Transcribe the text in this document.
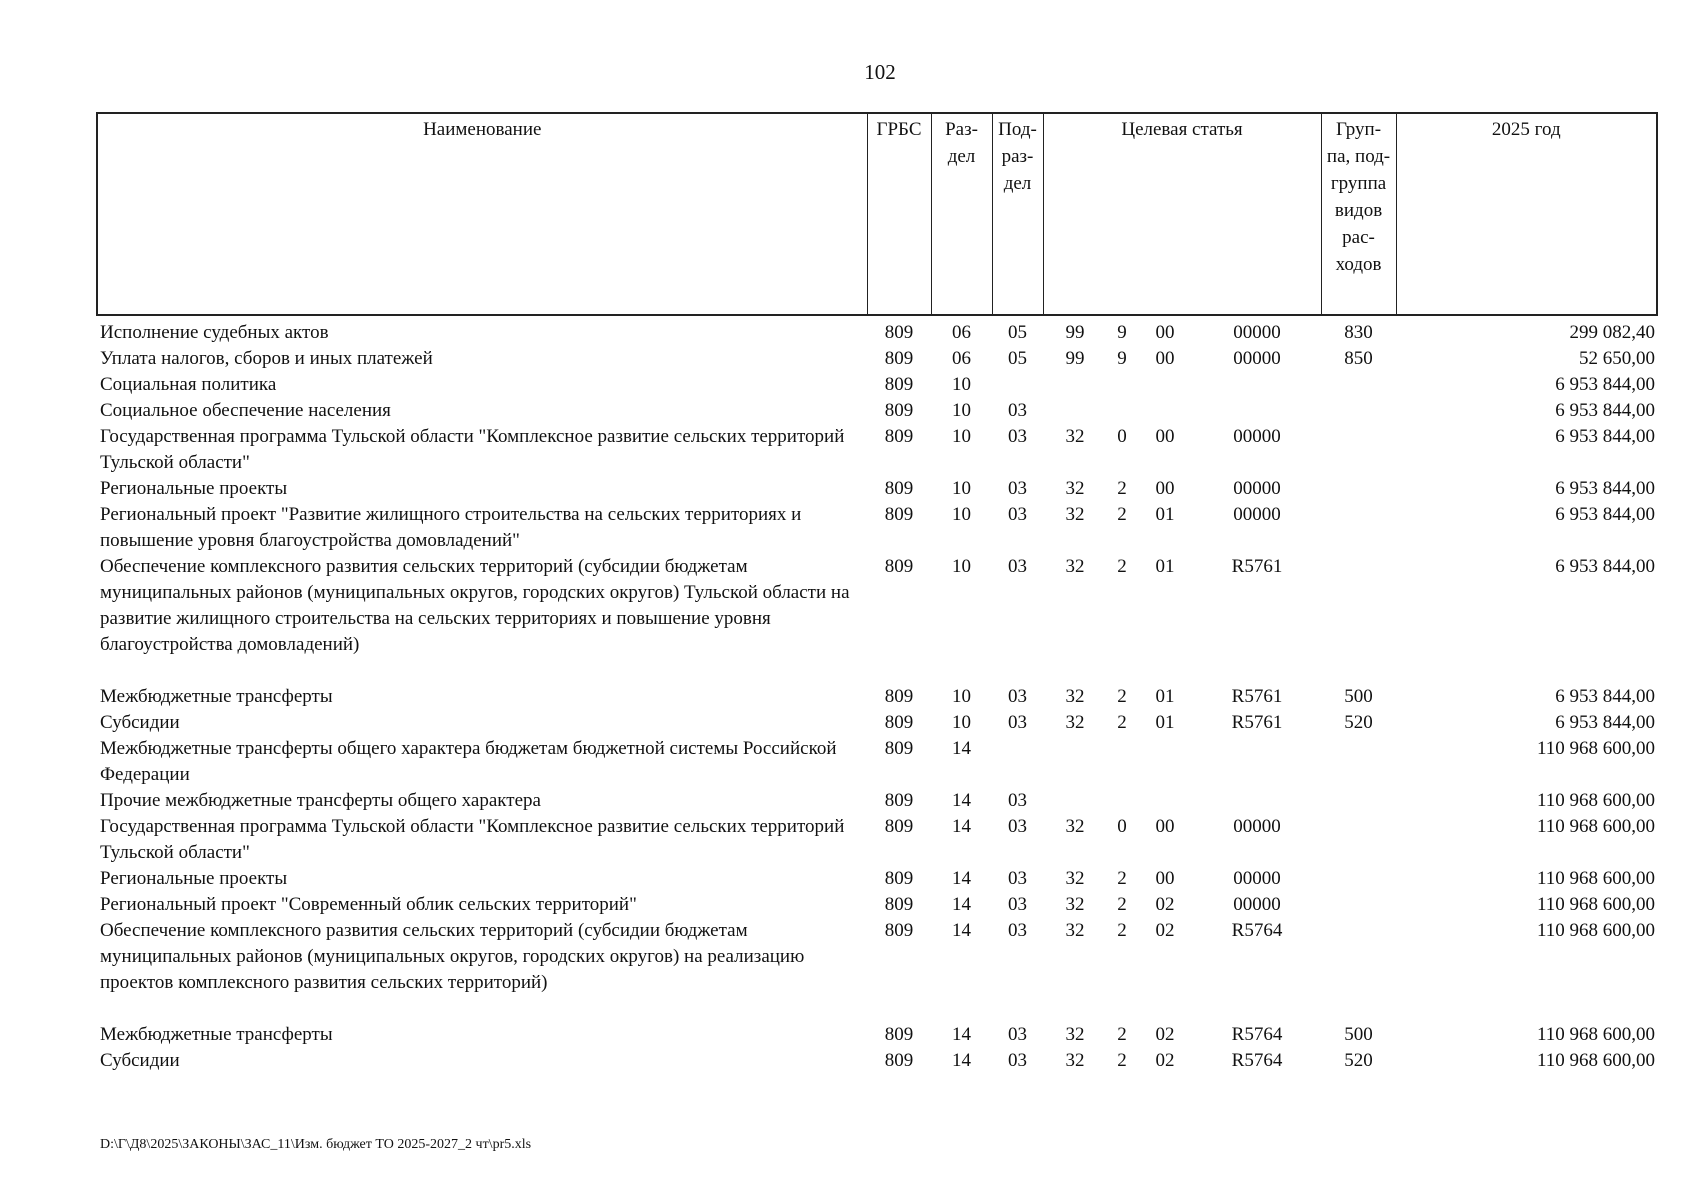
102
Наименование	ГРБС	Раз-дел	Под-раз-дел	Целевая статья				Груп-па, под-группа видов рас-ходов	2025 год
Исполнение судебных актов	809	06	05	99	9	00	00000	830	299 082,40
Уплата налогов, сборов и иных платежей	809	06	05	99	9	00	00000	850	52 650,00
Социальная политика	809	10							6 953 844,00
Социальное обеспечение населения	809	10	03						6 953 844,00
Государственная программа Тульской области "Комплексное развитие сельских территорий Тульской области"	809	10	03	32	0	00	00000		6 953 844,00
Региональные проекты	809	10	03	32	2	00	00000		6 953 844,00
Региональный проект "Развитие жилищного строительства на сельских территориях и повышение уровня благоустройства домовладений"	809	10	03	32	2	01	00000		6 953 844,00
Обеспечение комплексного развития сельских территорий (субсидии бюджетам муниципальных районов (муниципальных округов, городских округов) Тульской области на развитие жилищного строительства на сельских территориях и повышение уровня благоустройства домовладений)	809	10	03	32	2	01	R5761		6 953 844,00
Межбюджетные трансферты	809	10	03	32	2	01	R5761	500	6 953 844,00
Субсидии	809	10	03	32	2	01	R5761	520	6 953 844,00
Межбюджетные трансферты общего характера бюджетам бюджетной системы Российской Федерации	809	14							110 968 600,00
Прочие межбюджетные трансферты общего характера	809	14	03						110 968 600,00
Государственная программа Тульской области "Комплексное развитие сельских территорий Тульской области"	809	14	03	32	0	00	00000		110 968 600,00
Региональные проекты	809	14	03	32	2	00	00000		110 968 600,00
Региональный проект "Современный облик сельских территорий"	809	14	03	32	2	02	00000		110 968 600,00
Обеспечение комплексного развития сельских территорий (субсидии бюджетам муниципальных районов (муниципальных округов, городских округов) на реализацию проектов комплексного развития сельских территорий)	809	14	03	32	2	02	R5764		110 968 600,00
Межбюджетные трансферты	809	14	03	32	2	02	R5764	500	110 968 600,00
Субсидии	809	14	03	32	2	02	R5764	520	110 968 600,00
D:\Г\Д8\2025\ЗАКОНЫ\ЗАС_11\Изм. бюджет ТО 2025-2027_2 чт\pr5.xls
